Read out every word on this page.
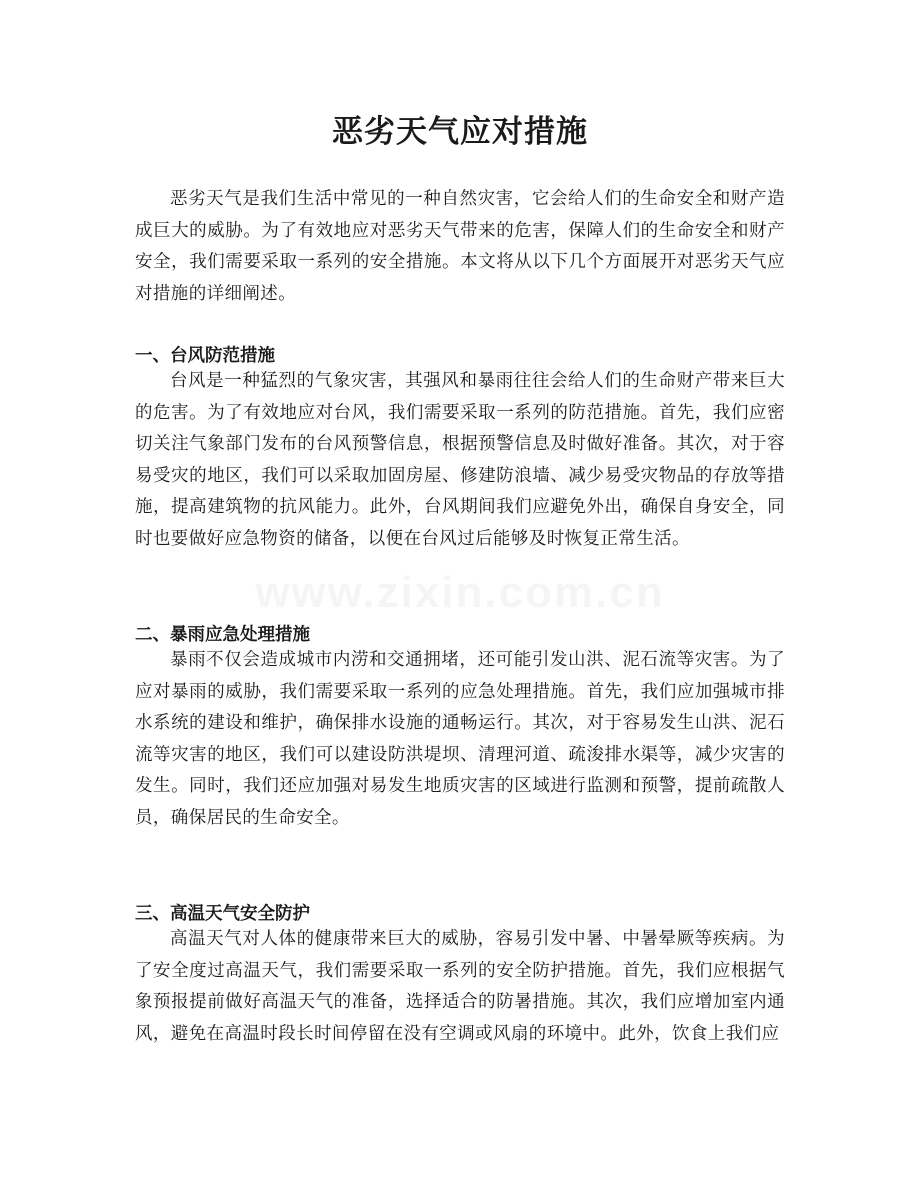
恶劣天气应对措施

恶劣天气是我们生活中常见的一种自然灾害，它会给人们的生命安全和财产造成巨大的威胁。为了有效地应对恶劣天气带来的危害，保障人们的生命安全和财产安全，我们需要采取一系列的安全措施。本文将从以下几个方面展开对恶劣天气应对措施的详细阐述。

一、台风防范措施

台风是一种猛烈的气象灾害，其强风和暴雨往往会给人们的生命财产带来巨大的危害。为了有效地应对台风，我们需要采取一系列的防范措施。首先，我们应密切关注气象部门发布的台风预警信息，根据预警信息及时做好准备。其次，对于容易受灾的地区，我们可以采取加固房屋、修建防浪墙、减少易受灾物品的存放等措施，提高建筑物的抗风能力。此外，台风期间我们应避免外出，确保自身安全，同时也要做好应急物资的储备，以便在台风过后能够及时恢复正常生活。

二、暴雨应急处理措施

暴雨不仅会造成城市内涝和交通拥堵，还可能引发山洪、泥石流等灾害。为了应对暴雨的威胁，我们需要采取一系列的应急处理措施。首先，我们应加强城市排水系统的建设和维护，确保排水设施的通畅运行。其次，对于容易发生山洪、泥石流等灾害的地区，我们可以建设防洪堤坝、清理河道、疏浚排水渠等，减少灾害的发生。同时，我们还应加强对易发生地质灾害的区域进行监测和预警，提前疏散人员，确保居民的生命安全。

三、高温天气安全防护

高温天气对人体的健康带来巨大的威胁，容易引发中暑、中暑晕厥等疾病。为了安全度过高温天气，我们需要采取一系列的安全防护措施。首先，我们应根据气象预报提前做好高温天气的准备，选择适合的防暑措施。其次，我们应增加室内通风，避免在高温时段长时间停留在没有空调或风扇的环境中。此外，饮食上我们应

www.zixin.com.cn
